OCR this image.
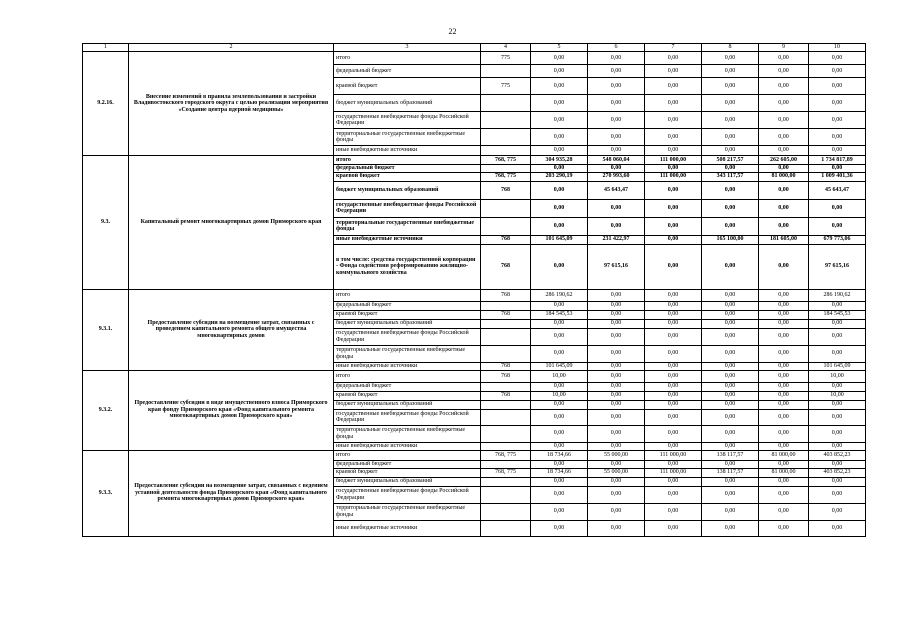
22
1	2	3	4	5	6	7	8	9	10
9.2.16.	Внесение изменений в правила землепользования и застройки Владивостокского городского округа с целью реализации мероприятия «Создание центра ядерной медицины»	итого	775	0,00	0,00	0,00	0,00	0,00	0,00
		федеральный бюджет		0,00	0,00	0,00	0,00	0,00	0,00
		краевой бюджет	775	0,00	0,00	0,00	0,00	0,00	0,00
		бюджет муниципальных образований		0,00	0,00	0,00	0,00	0,00	0,00
		государственные внебюджетные фонды Российской Федерации		0,00	0,00	0,00	0,00	0,00	0,00
		территориальные государственные внебюджетные фонды		0,00	0,00	0,00	0,00	0,00	0,00
		иные внебюджетные источники		0,00	0,00	0,00	0,00	0,00	0,00
9.3.	Капитальный ремонт многоквартирных домов Приморского края	итого	768, 775	304 935,28	548 060,04	111 000,00	508 217,57	262 605,00	1 734 817,89
		федеральный бюджет		0,00	0,00	0,00	0,00	0,00	0,00
		краевой бюджет	768, 775	203 290,19	270 993,60	111 000,00	343 117,57	81 000,00	1 009 401,36
		бюджет муниципальных образований	768	0,00	45 643,47	0,00	0,00	0,00	45 643,47
		государственные внебюджетные фонды Российской Федерации		0,00	0,00	0,00	0,00	0,00	0,00
		территориальные государственные внебюджетные фонды		0,00	0,00	0,00	0,00	0,00	0,00
		иные внебюджетные источники	768	101 645,09	231 422,97	0,00	165 100,00	181 605,00	679 773,06
		в том числе: средства государственной корпорации - Фонда содействия реформированию жилищно-коммунального хозяйства	768	0,00	97 615,16	0,00	0,00	0,00	97 615,16
9.3.1.	Предоставление субсидии на возмещение затрат, связанных с проведением капитального ремонта общего имущества многоквартирных домов	итого	768	286 190,62	0,00	0,00	0,00	0,00	286 190,62
		федеральный бюджет		0,00	0,00	0,00	0,00	0,00	0,00
		краевой бюджет	768	184 545,53	0,00	0,00	0,00	0,00	184 545,53
		бюджет муниципальных образований		0,00	0,00	0,00	0,00	0,00	0,00
		государственные внебюджетные фонды Российской Федерации		0,00	0,00	0,00	0,00	0,00	0,00
		территориальные государственные внебюджетные фонды		0,00	0,00	0,00	0,00	0,00	0,00
		иные внебюджетные источники	768	101 645,09	0,00	0,00	0,00	0,00	101 645,09
9.3.2.	Предоставление субсидии в виде имущественного взноса Приморского края фонду Приморского края «Фонд капитального ремонта многоквартирных домов Приморского края»	итого	768	10,00	0,00	0,00	0,00	0,00	10,00
		федеральный бюджет		0,00	0,00	0,00	0,00	0,00	0,00
		краевой бюджет	768	10,00	0,00	0,00	0,00	0,00	10,00
		бюджет муниципальных образований		0,00	0,00	0,00	0,00	0,00	0,00
		государственные внебюджетные фонды Российской Федерации		0,00	0,00	0,00	0,00	0,00	0,00
		территориальные государственные внебюджетные фонды		0,00	0,00	0,00	0,00	0,00	0,00
		иные внебюджетные источники		0,00	0,00	0,00	0,00	0,00	0,00
9.3.3.	Предоставление субсидии на возмещение затрат, связанных с ведением уставной деятельности фонда Приморского края «Фонд капитального ремонта многоквартирных домов Приморского края»	итого	768, 775	18 734,66	55 000,00	111 000,00	138 117,57	81 000,00	403 852,23
		федеральный бюджет		0,00	0,00	0,00	0,00	0,00	0,00
		краевой бюджет	768, 775	18 734,66	55 000,00	111 000,00	138 117,57	81 000,00	403 852,23
		бюджет муниципальных образований		0,00	0,00	0,00	0,00	0,00	0,00
		государственные внебюджетные фонды Российской Федерации		0,00	0,00	0,00	0,00	0,00	0,00
		территориальные государственные внебюджетные фонды		0,00	0,00	0,00	0,00	0,00	0,00
		иные внебюджетные источники		0,00	0,00	0,00	0,00	0,00	0,00
